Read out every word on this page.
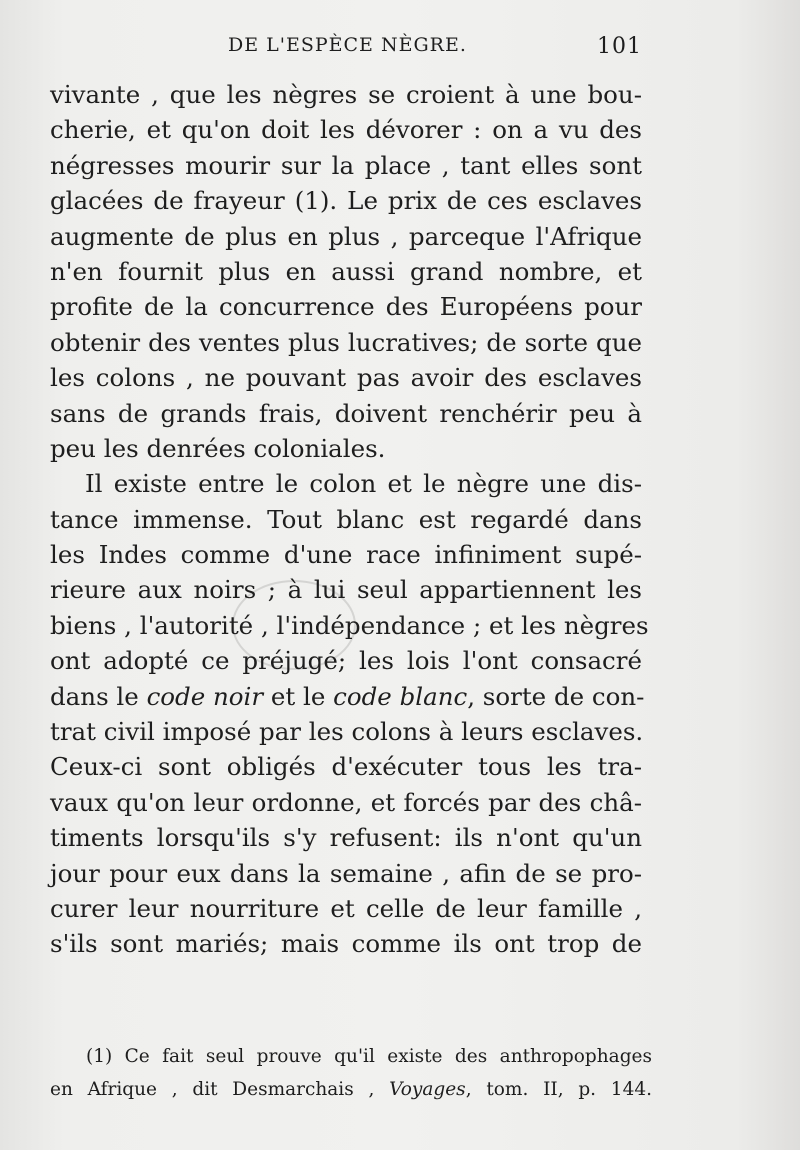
DE L'ESPÈCE NÈGRE.	101
vivante , que les nègres se croient à une bou-
cherie, et qu'on doit les dévorer : on a vu des
négresses mourir sur la place , tant elles sont
glacées de frayeur (1). Le prix de ces esclaves
augmente de plus en plus , parceque l'Afrique
n'en fournit plus en aussi grand nombre, et
profite de la concurrence des Européens pour
obtenir des ventes plus lucratives; de sorte que
les colons , ne pouvant pas avoir des esclaves
sans de grands frais, doivent renchérir peu à
peu les denrées coloniales.
Il existe entre le colon et le nègre une dis-
tance immense. Tout blanc est regardé dans
les Indes comme d'une race infiniment supé-
rieure aux noirs ; à lui seul appartiennent les
biens , l'autorité , l'indépendance ; et les nègres
ont adopté ce préjugé; les lois l'ont consacré
dans le code noir et le code blanc, sorte de con-
trat civil imposé par les colons à leurs esclaves.
Ceux-ci sont obligés d'exécuter tous les tra-
vaux qu'on leur ordonne, et forcés par des châ-
timents lorsqu'ils s'y refusent: ils n'ont qu'un
jour pour eux dans la semaine , afin de se pro-
curer leur nourriture et celle de leur famille ,
s'ils sont mariés; mais comme ils ont trop de
(1) Ce fait seul prouve qu'il existe des anthropophages
en Afrique , dit Desmarchais , Voyages, tom. II, p. 144.
